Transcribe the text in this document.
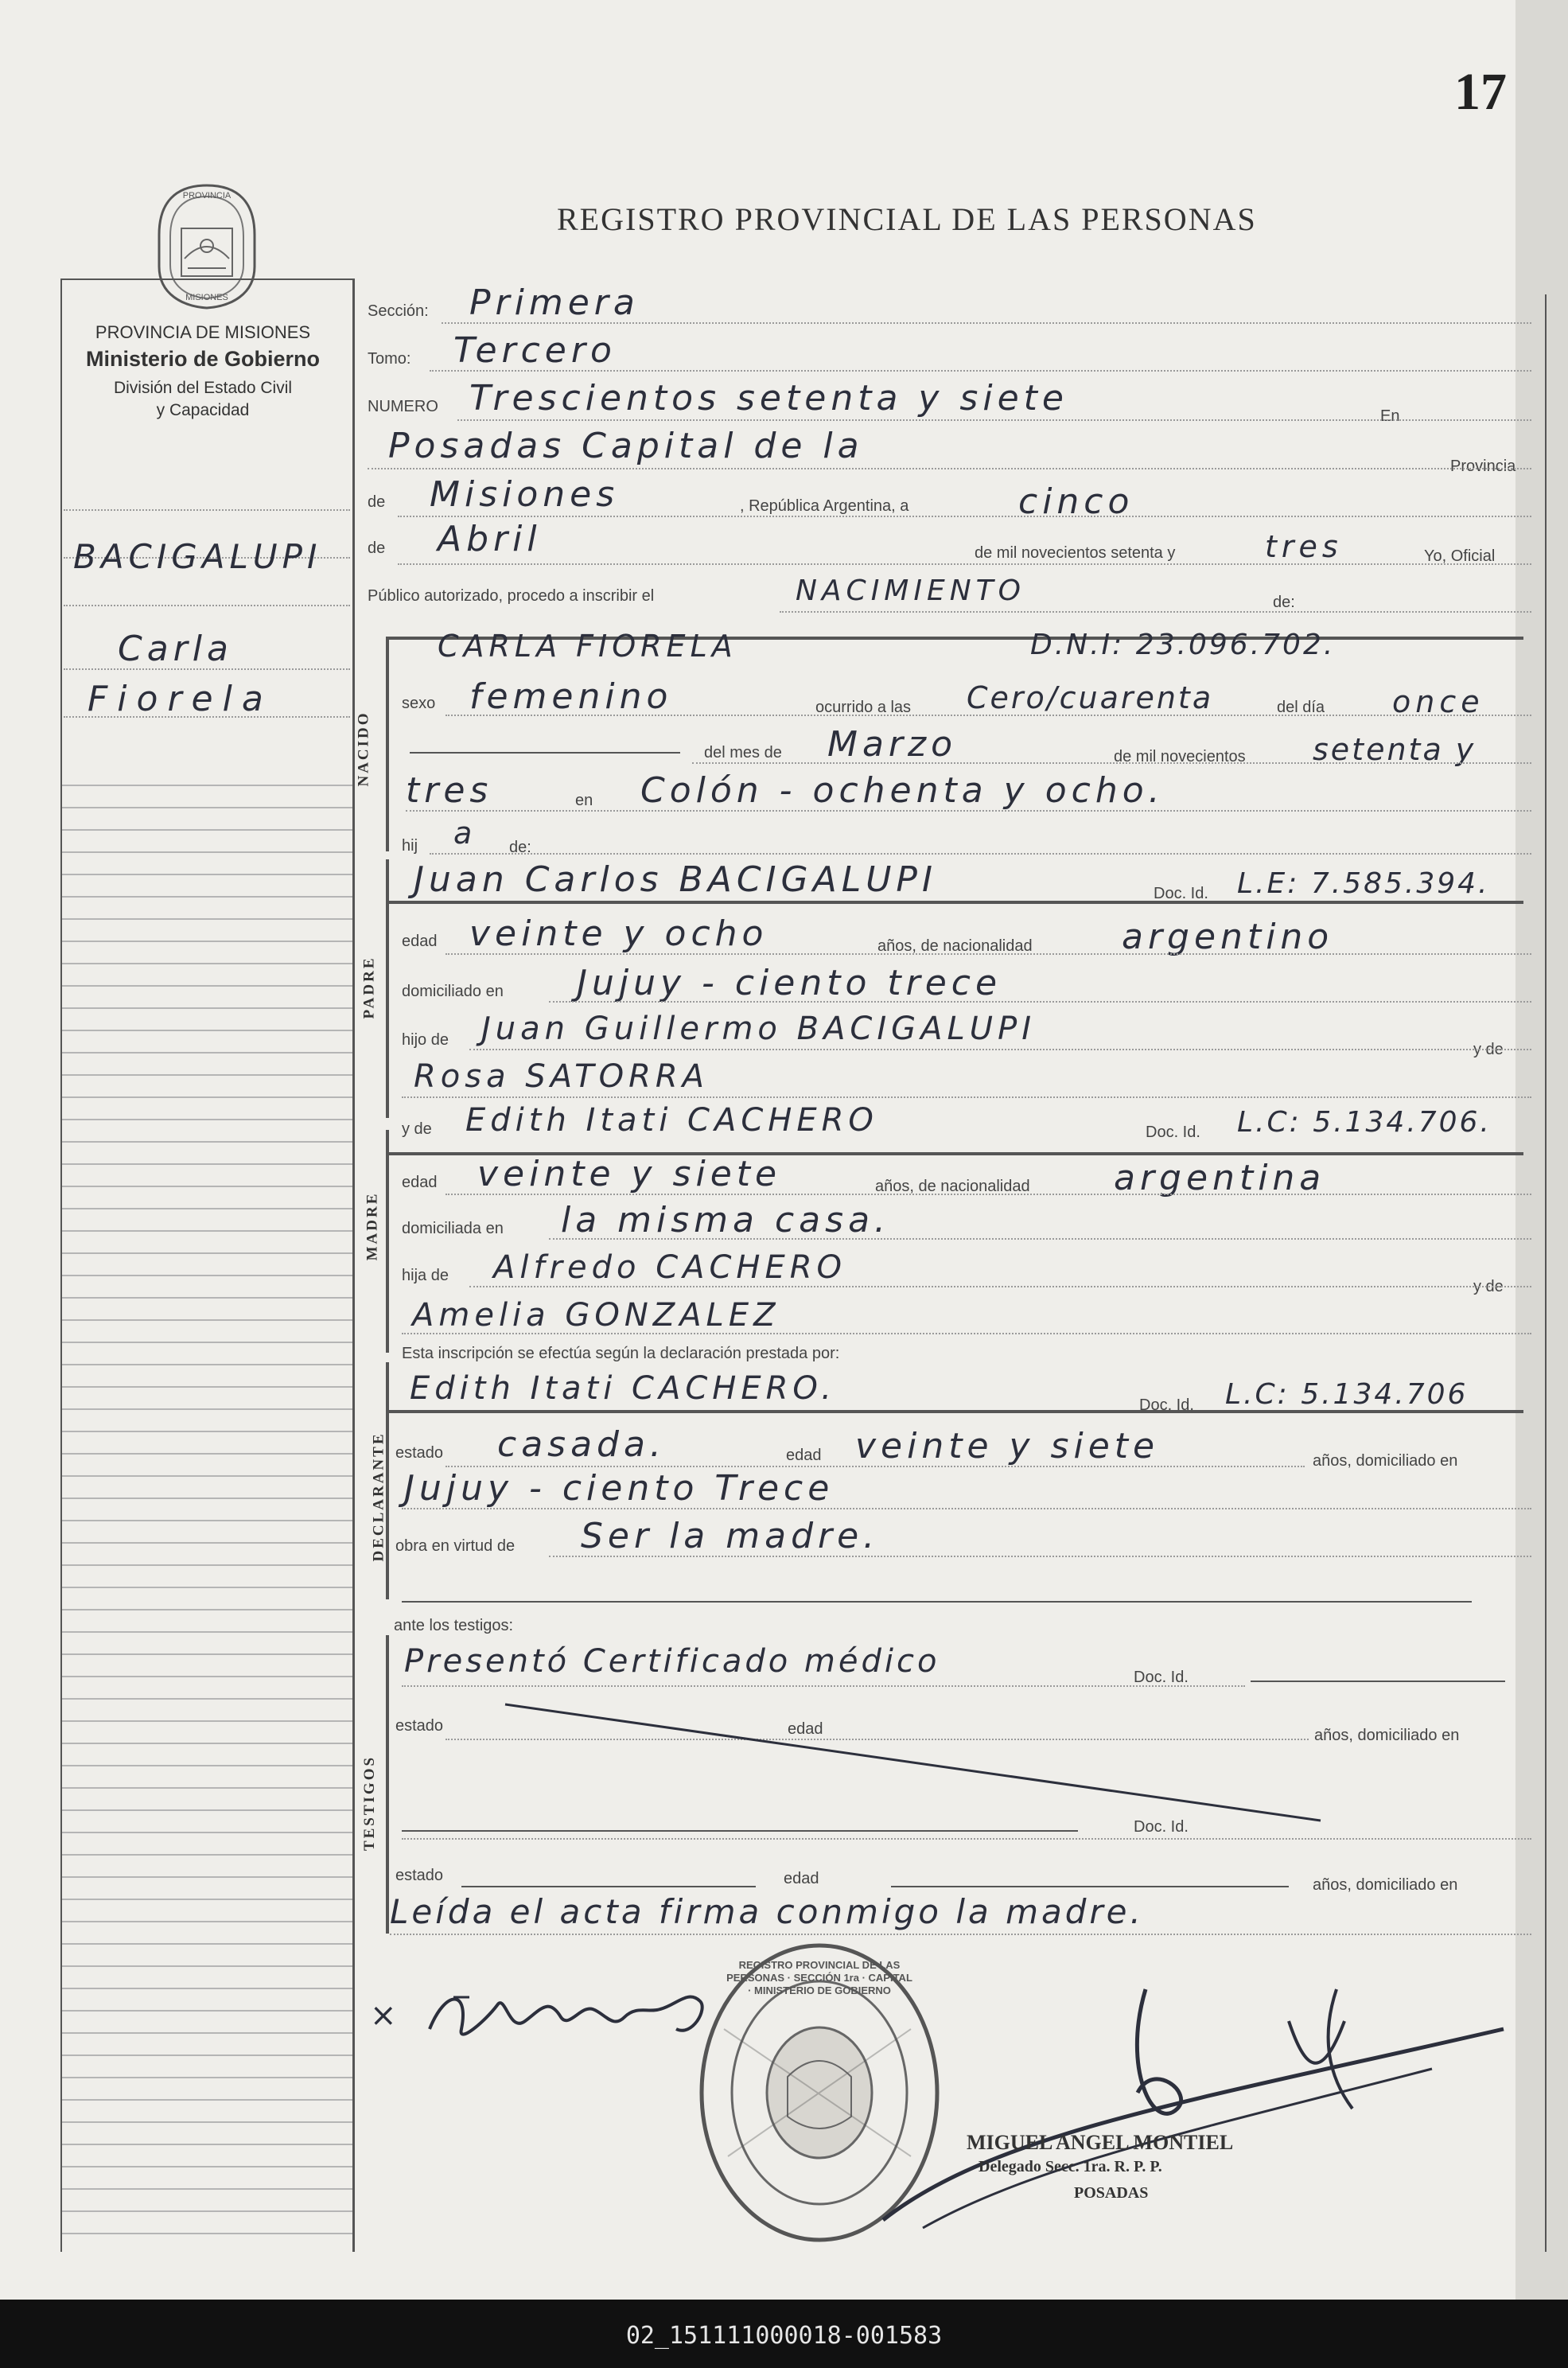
17
REGISTRO PROVINCIAL DE LAS PERSONAS
PROVINCIA
MISIONES
PROVINCIA DE MISIONES
Ministerio de Gobierno
División del Estado Civil
y Capacidad
BACIGALUPI
Carla
Fiorela
Sección: Primera
Tomo: Tercero
NUMERO Trescientos setenta y siete	En
Posadas Capital de la	Provincia
de Misiones	, República Argentina, a	cinco
de Abril	de mil novecientos setenta y	tres	Yo, Oficial
Público autorizado, procedo a inscribir el	NACIMIENTO	de:
NACIDO
CARLA FIORELA	D.N.I: 23.096.702.
sexo femenino	ocurrido a las Cero/cuarenta	del día once
del mes de Marzo	de mil novecientos setenta y
tres	en Colón - ochenta y ocho.
hij a de:
PADRE
Juan Carlos BACIGALUPI	Doc. Id. L.E: 7.585.394.
edad veinte y ocho	años, de nacionalidad	argentino
domiciliado en Jujuy - ciento trece
hijo de Juan Guillermo BACIGALUPI
y de
Rosa SATORRA
MADRE
y de Edith Itati CACHERO	Doc. Id. L.C: 5.134.706.
edad veinte y siete	años, de nacionalidad argentina
domiciliada en la misma casa.
hija de Alfredo CACHERO
y de
Amelia GONZALEZ
Esta inscripción se efectúa según la declaración prestada por:
DECLARANTE
Edith Itati CACHERO.	Doc. Id. L.C: 5.134.706
estado casada.	edad veinte y siete	años, domiciliado en
Jujuy - ciento Trece
obra en virtud de Ser la madre.
ante los testigos:
TESTIGOS
Presentó Certificado médico	Doc. Id.
estado	edad	años, domiciliado en
Doc. Id.
estado	edad	años, domiciliado en
Leída el acta firma conmigo la madre.
×
REGISTRO PROVINCIAL DE LAS PERSONAS · SECCIÓN 1ra · CAPITAL · MINISTERIO DE GOBIERNO
MIGUEL ANGEL MONTIEL
Delegado Secc. 1ra. R. P. P.
POSADAS
02_151111000018-001583
